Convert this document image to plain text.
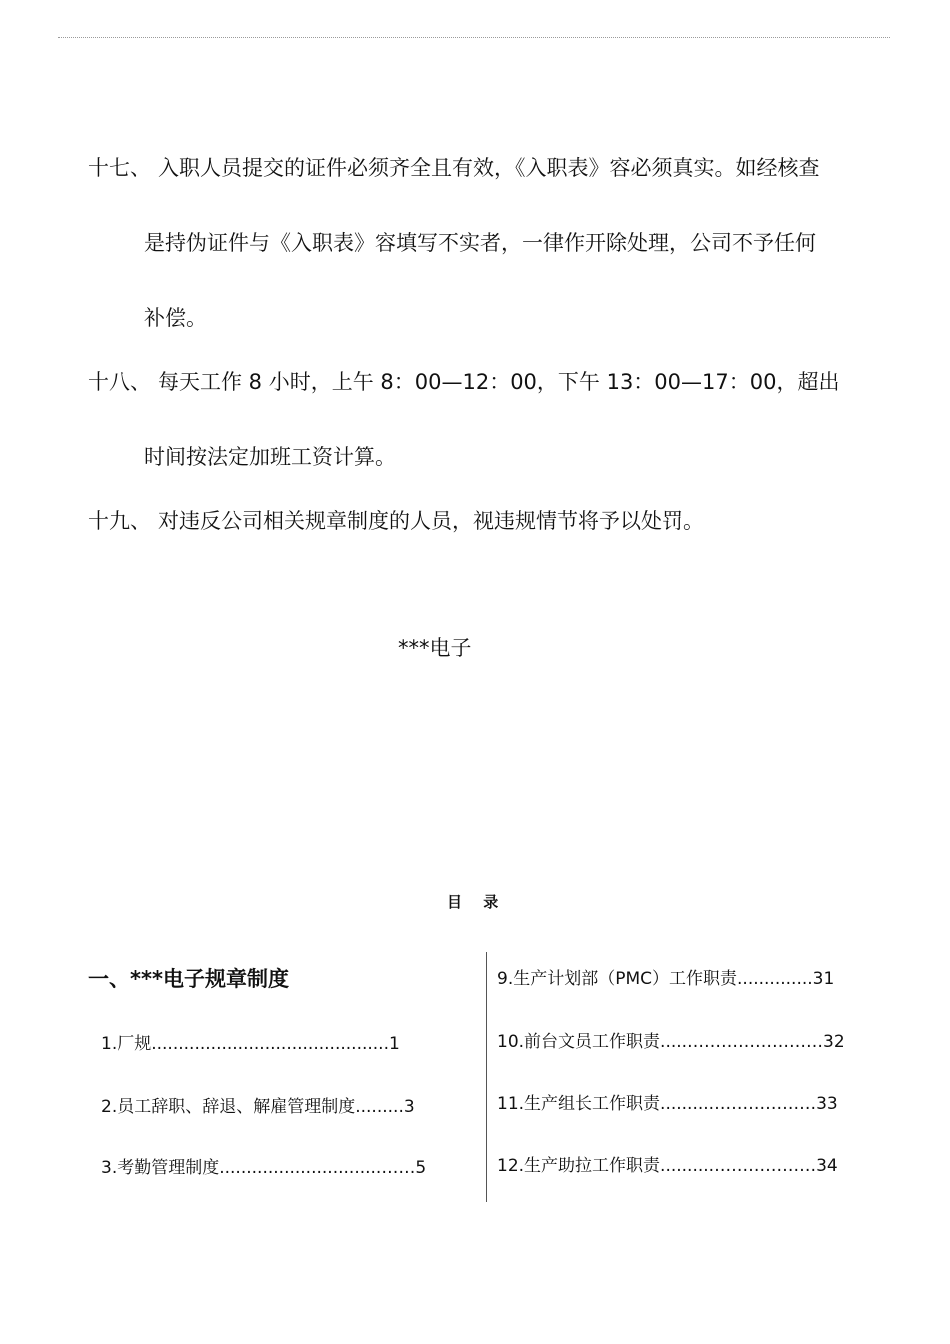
十七、 入职人员提交的证件必须齐全且有效，《入职表》容必须真实。如经核查
是持伪证件与《入职表》容填写不实者，一律作开除处理，公司不予任何
补偿。
十八、 每天工作 8 小时，上午 8：00—12：00，下午 13：00—17：00，超出
时间按法定加班工资计算。
十九、 对违反公司相关规章制度的人员，视违规情节将予以处罚。
***电子
目 录
一、***电子规章制度
1.厂规............................................1
2.员工辞职、辞退、解雇管理制度.........3
3.考勤管理制度..............................……5
9.生产计划部（PMC）工作职责..............31
10.前台文员工作职责.....……………………32
11.生产组长工作职责..........………………33
12.生产助拉工作职责..........………………34
